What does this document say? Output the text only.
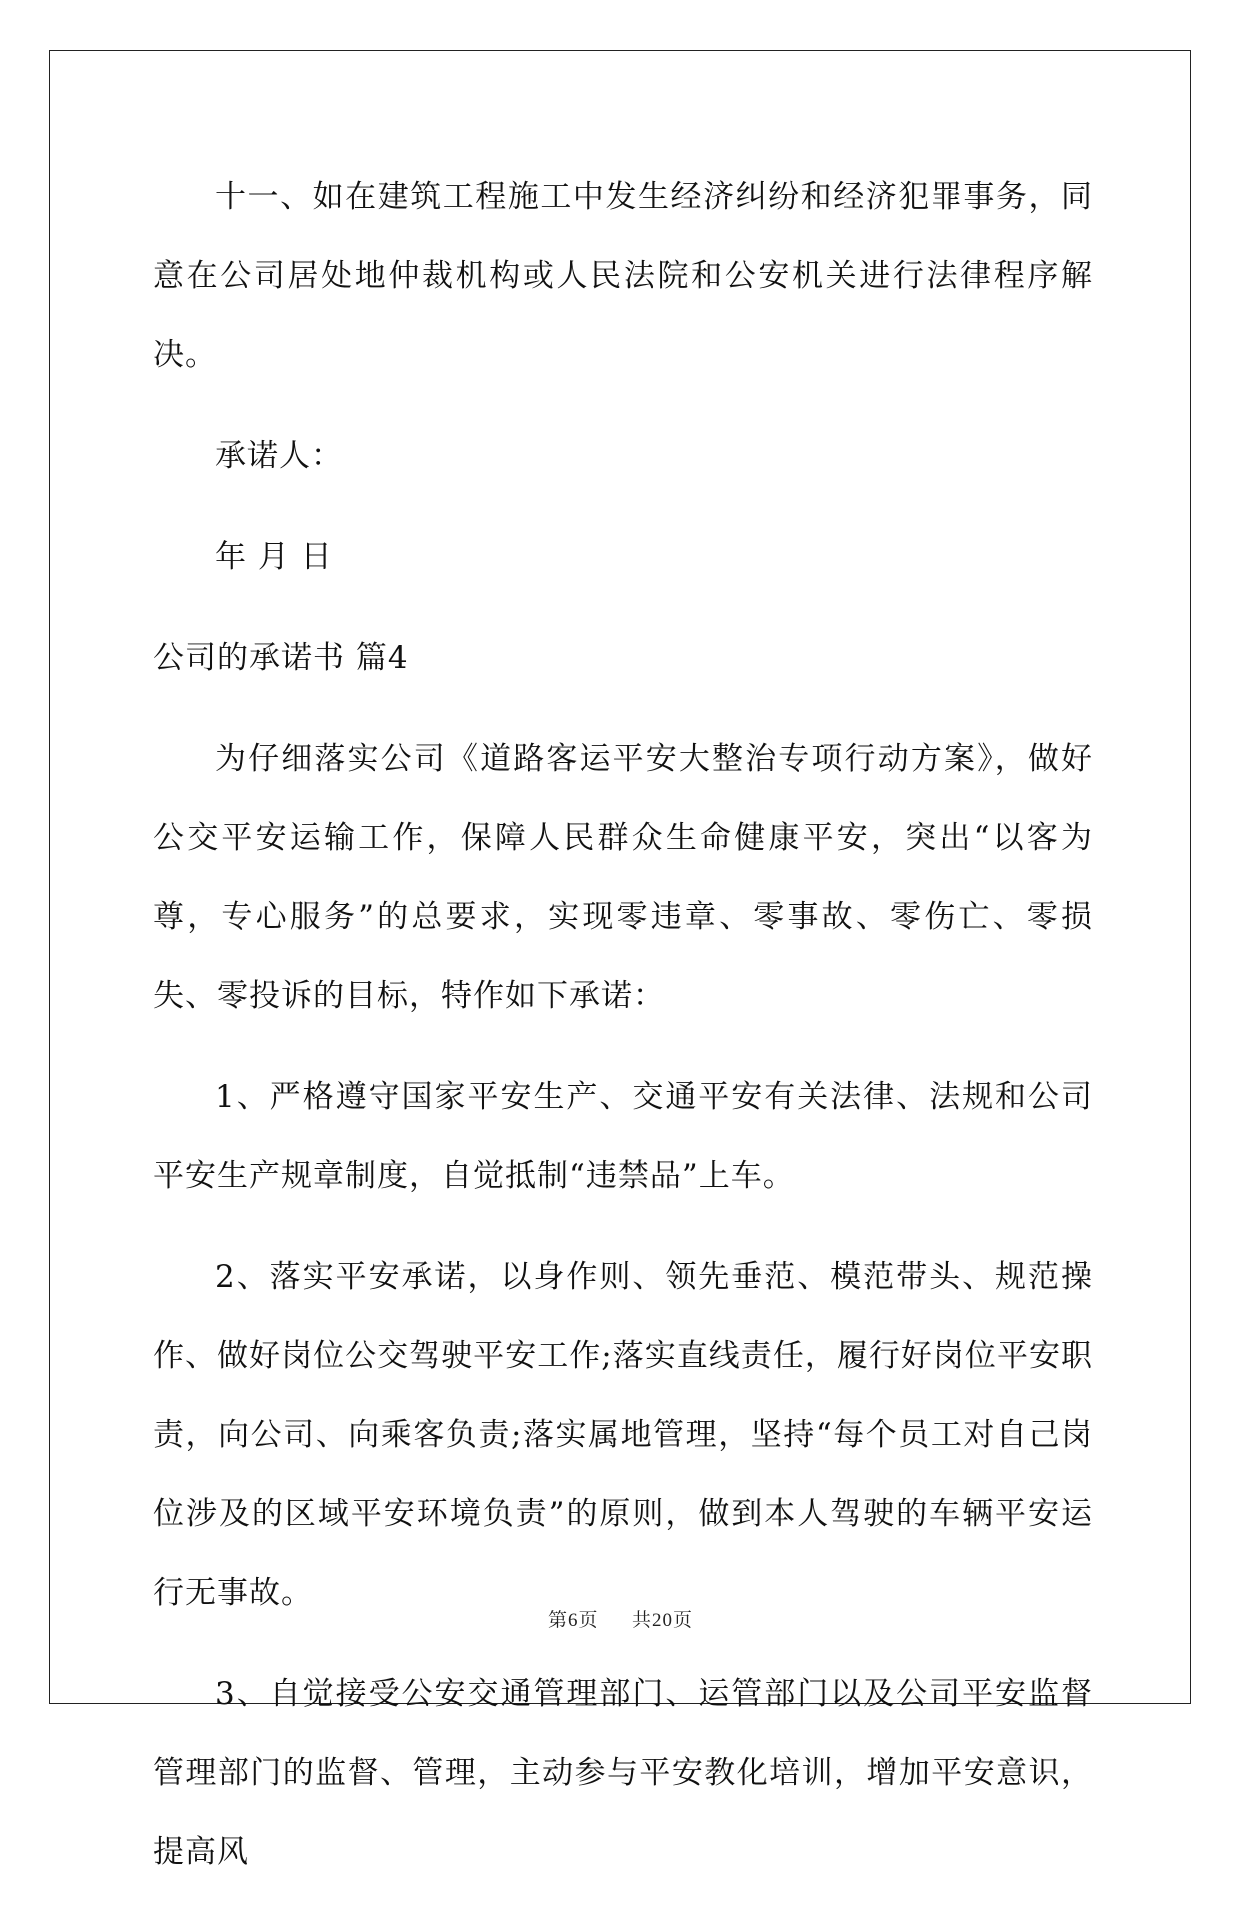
十一、如在建筑工程施工中发生经济纠纷和经济犯罪事务，同意在公司居处地仲裁机构或人民法院和公安机关进行法律程序解决。

承诺人：

年 月 日

公司的承诺书 篇4

为仔细落实公司《道路客运平安大整治专项行动方案》，做好公交平安运输工作，保障人民群众生命健康平安，突出“以客为尊，专心服务”的总要求，实现零违章、零事故、零伤亡、零损失、零投诉的目标，特作如下承诺：

1、严格遵守国家平安生产、交通平安有关法律、法规和公司平安生产规章制度，自觉抵制“违禁品”上车。

2、落实平安承诺，以身作则、领先垂范、模范带头、规范操作、做好岗位公交驾驶平安工作;落实直线责任，履行好岗位平安职责，向公司、向乘客负责;落实属地管理，坚持“每个员工对自己岗位涉及的区域平安环境负责”的原则，做到本人驾驶的车辆平安运行无事故。

3、自觉接受公安交通管理部门、运管部门以及公司平安监督管理部门的监督、管理，主动参与平安教化培训，增加平安意识，提高风

第6页 共20页
